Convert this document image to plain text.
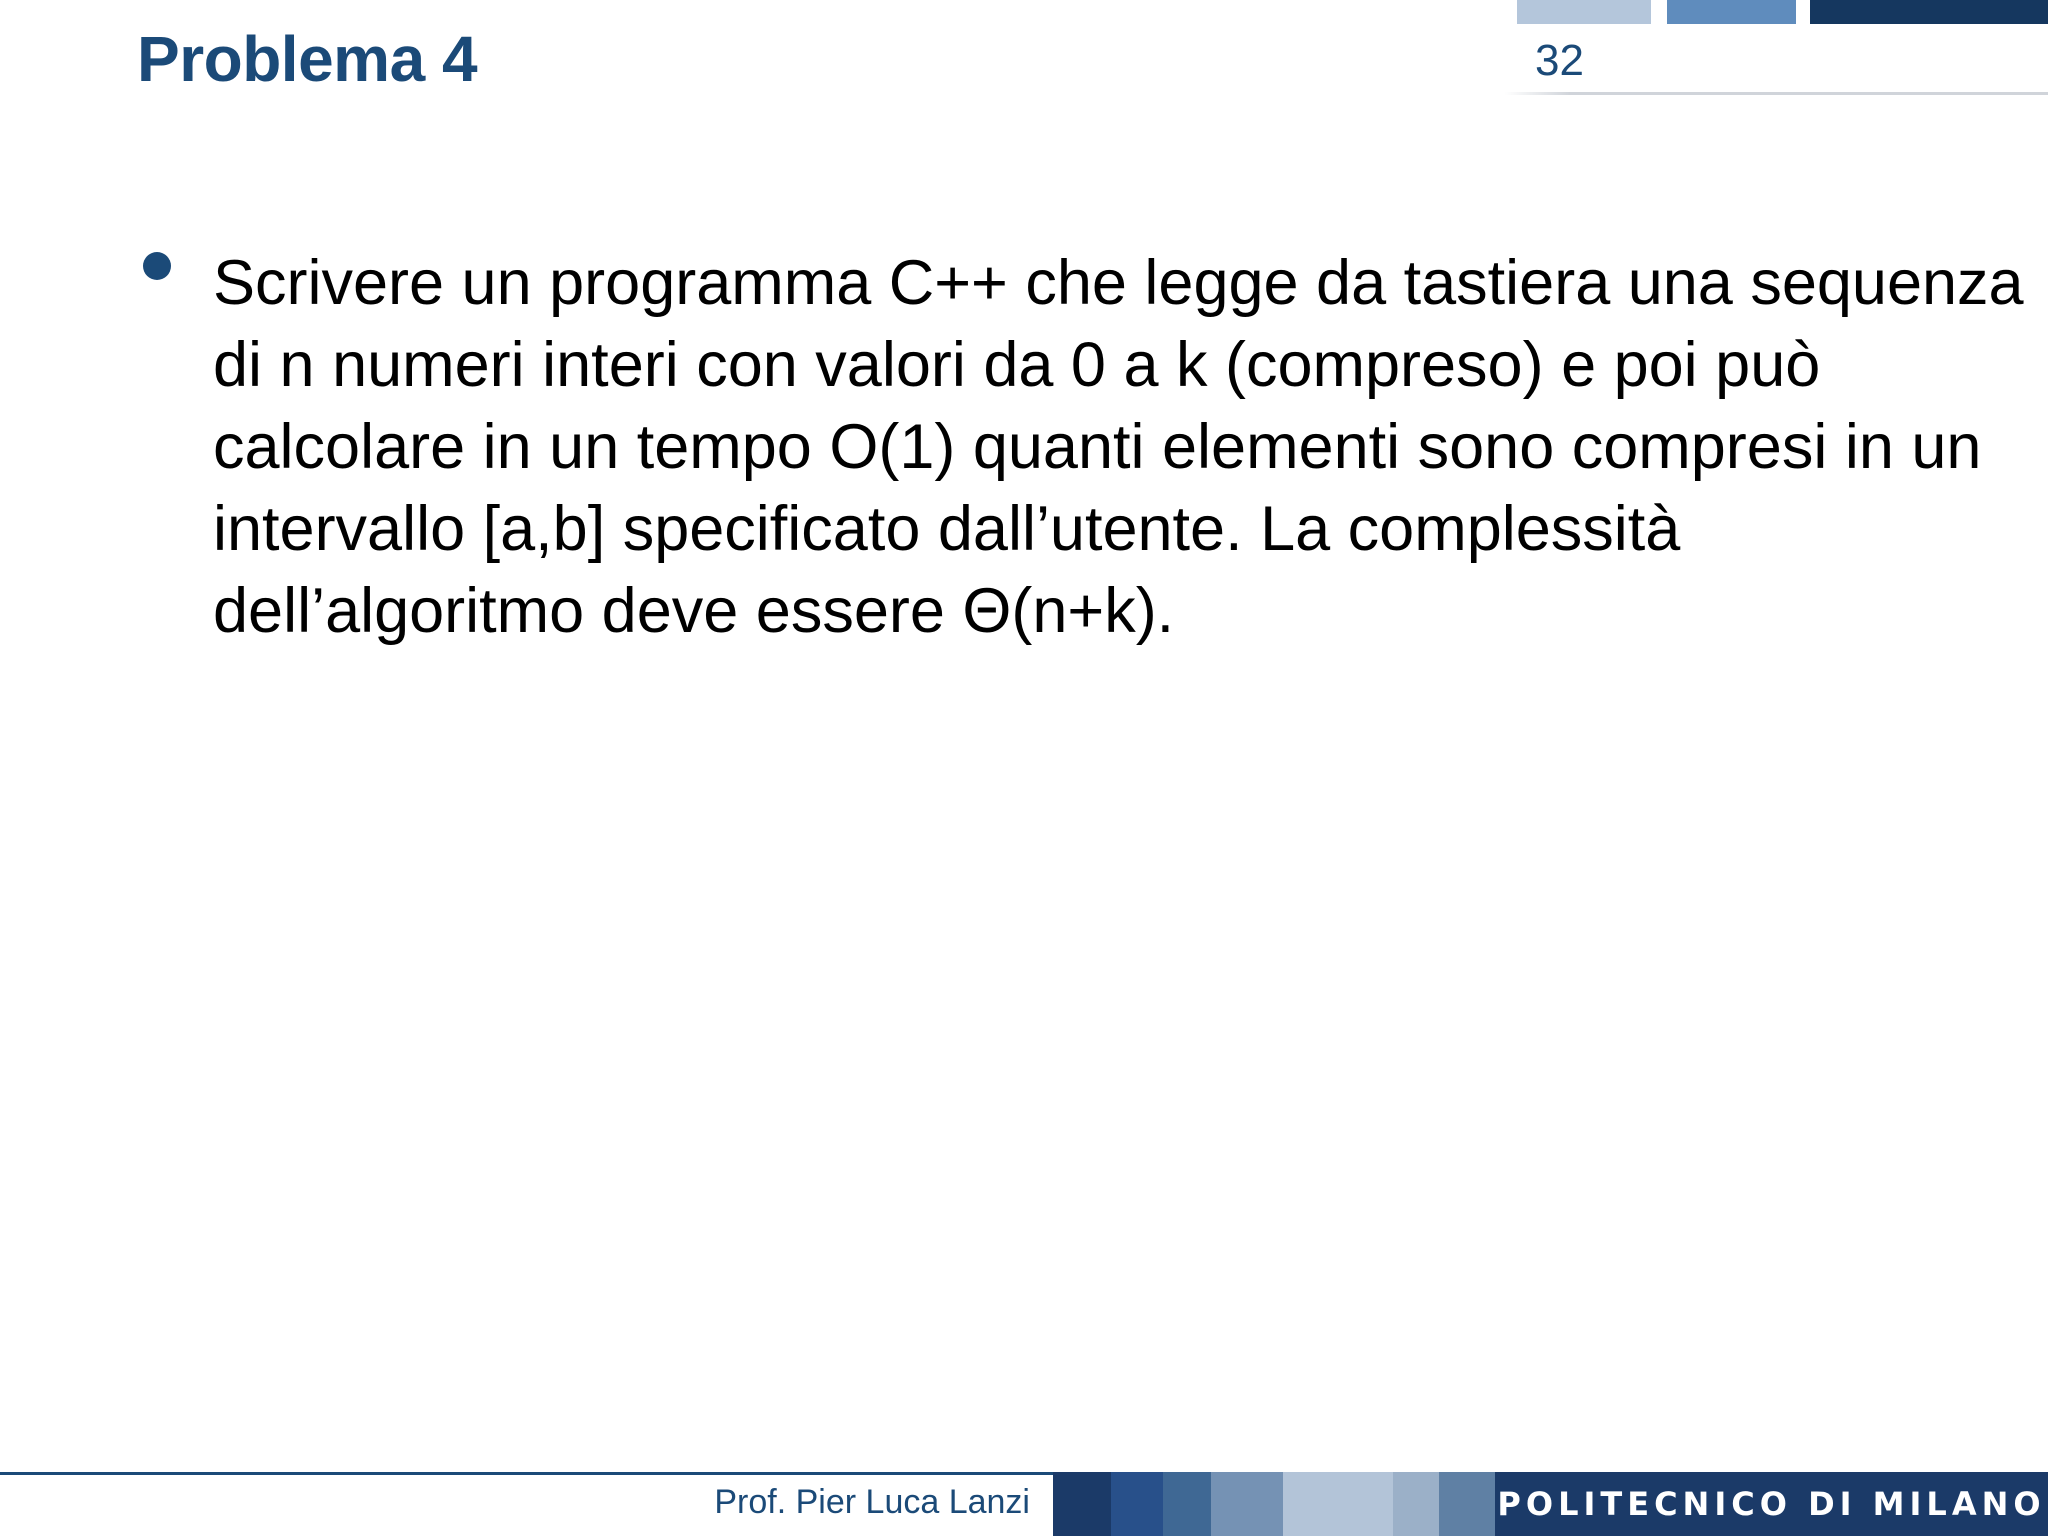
Problema 4	32

Scrivere un programma C++ che legge da tastiera una sequenza di n numeri interi con valori da 0 a k (compreso) e poi può calcolare in un tempo O(1) quanti elementi sono compresi in un intervallo [a,b] specificato dall’utente. La complessità dell’algoritmo deve essere Θ(n+k).

Prof. Pier Luca Lanzi	POLITECNICO DI MILANO
